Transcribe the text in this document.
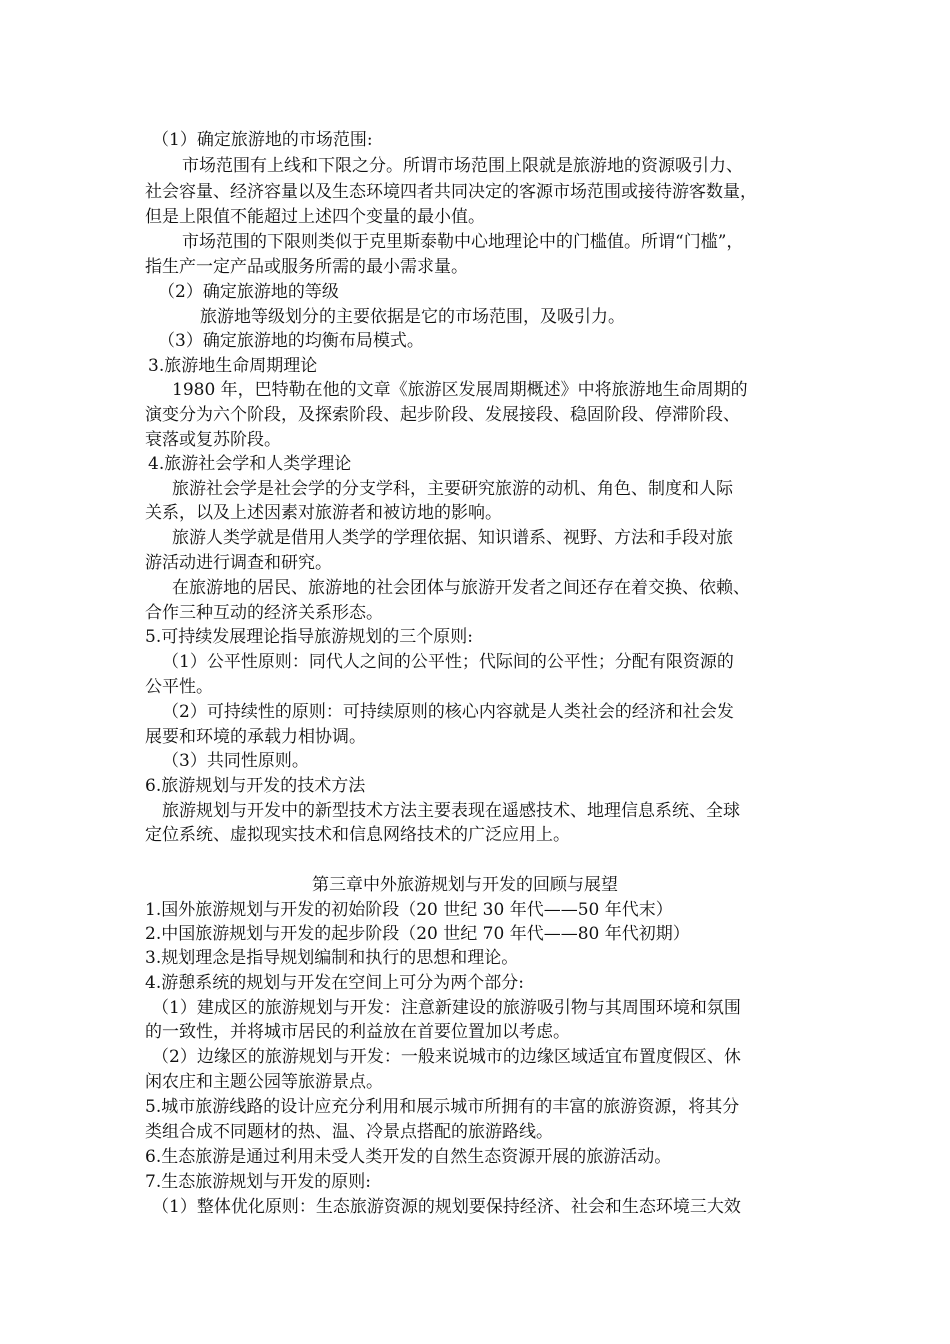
（1）确定旅游地的市场范围:
市场范围有上线和下限之分。所谓市场范围上限就是旅游地的资源吸引力、
社会容量、经济容量以及生态环境四者共同决定的客源市场范围或接待游客数量，
但是上限值不能超过上述四个变量的最小值。
市场范围的下限则类似于克里斯泰勒中心地理论中的门槛值。所谓“门槛”，
指生产一定产品或服务所需的最小需求量。
（2）确定旅游地的等级
旅游地等级划分的主要依据是它的市场范围，及吸引力。
（3）确定旅游地的均衡布局模式。
3.旅游地生命周期理论
1980 年，巴特勒在他的文章《旅游区发展周期概述》中将旅游地生命周期的
演变分为六个阶段，及探索阶段、起步阶段、发展接段、稳固阶段、停滞阶段、
衰落或复苏阶段。
4.旅游社会学和人类学理论
旅游社会学是社会学的分支学科，主要研究旅游的动机、角色、制度和人际
关系，以及上述因素对旅游者和被访地的影响。
旅游人类学就是借用人类学的学理依据、知识谱系、视野、方法和手段对旅
游活动进行调查和研究。
在旅游地的居民、旅游地的社会团体与旅游开发者之间还存在着交换、依赖、
合作三种互动的经济关系形态。
5.可持续发展理论指导旅游规划的三个原则:
（1）公平性原则：同代人之间的公平性；代际间的公平性；分配有限资源的
公平性。
（2）可持续性的原则：可持续原则的核心内容就是人类社会的经济和社会发
展要和环境的承载力相协调。
（3）共同性原则。
6.旅游规划与开发的技术方法
旅游规划与开发中的新型技术方法主要表现在遥感技术、地理信息系统、全球
定位系统、虚拟现实技术和信息网络技术的广泛应用上。
第三章中外旅游规划与开发的回顾与展望
1.国外旅游规划与开发的初始阶段（20 世纪 30 年代——50 年代末）
2.中国旅游规划与开发的起步阶段（20 世纪 70 年代——80 年代初期）
3.规划理念是指导规划编制和执行的思想和理论。
4.游憩系统的规划与开发在空间上可分为两个部分:
（1）建成区的旅游规划与开发：注意新建设的旅游吸引物与其周围环境和氛围
的一致性，并将城市居民的利益放在首要位置加以考虑。
（2）边缘区的旅游规划与开发：一般来说城市的边缘区域适宜布置度假区、休
闲农庄和主题公园等旅游景点。
5.城市旅游线路的设计应充分利用和展示城市所拥有的丰富的旅游资源，将其分
类组合成不同题材的热、温、冷景点搭配的旅游路线。
6.生态旅游是通过利用未受人类开发的自然生态资源开展的旅游活动。
7.生态旅游规划与开发的原则:
（1）整体优化原则：生态旅游资源的规划要保持经济、社会和生态环境三大效
